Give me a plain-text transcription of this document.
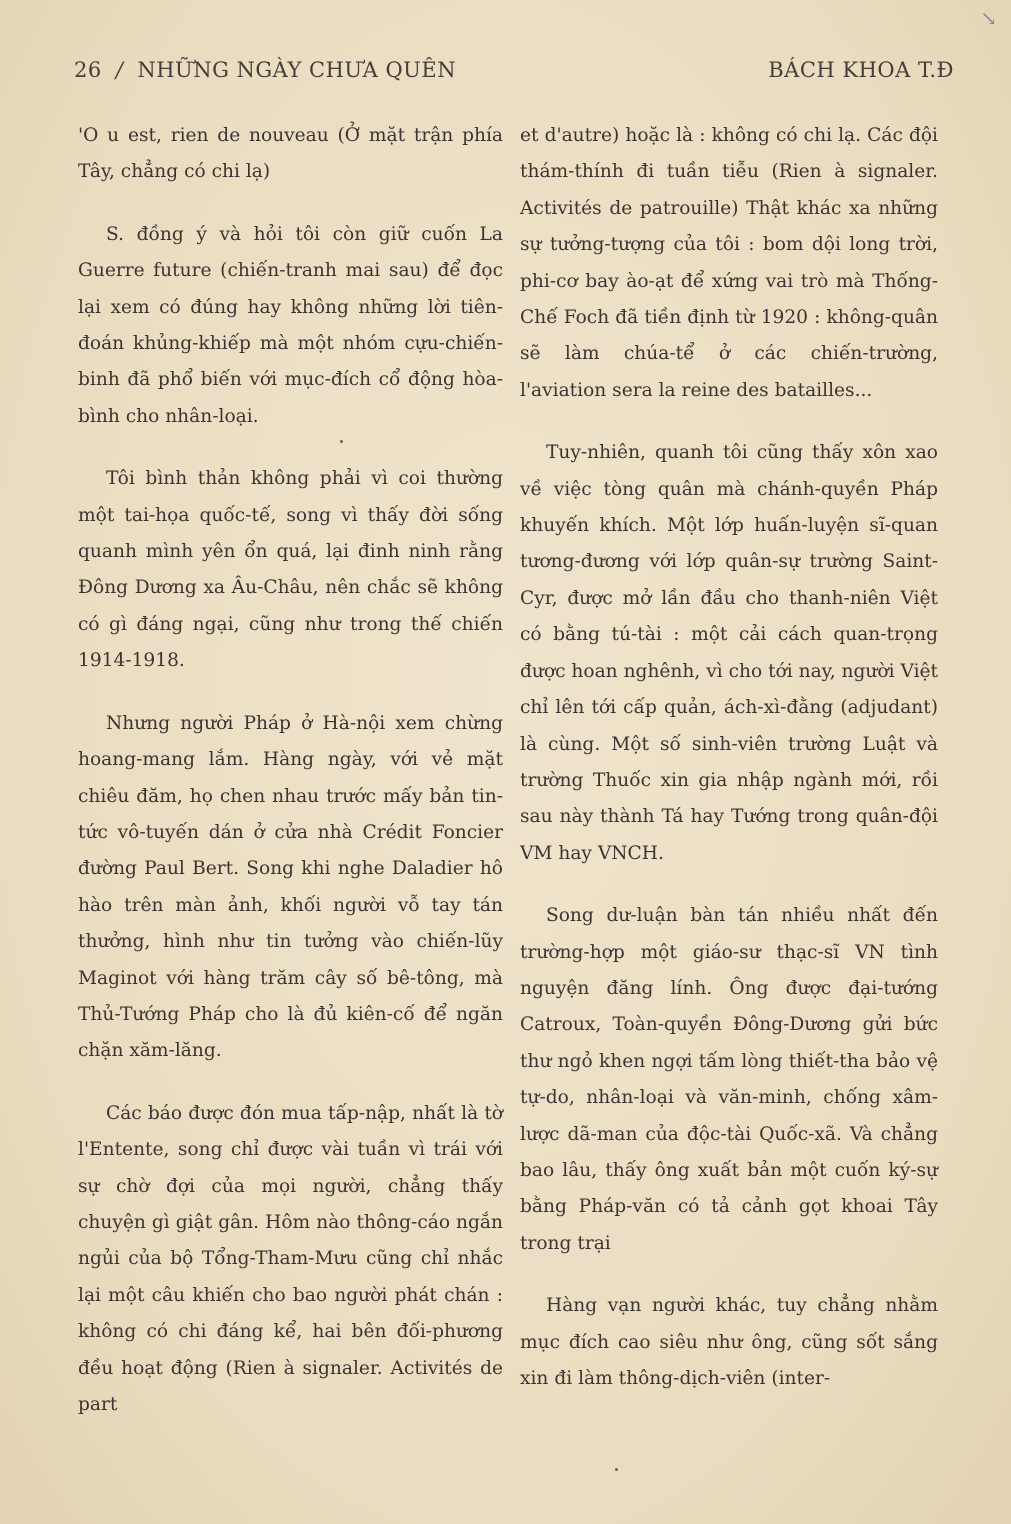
↘
26 / NHỮNG NGÀY CHƯA QUÊN	BÁCH KHOA T.Đ

'O u est, rien de nouveau (Ở mặt trận phía Tây, chẳng có chi lạ)

S. đồng ý và hỏi tôi còn giữ cuốn La Guerre future (chiến-tranh mai sau) để đọc lại xem có đúng hay không những lời tiên-đoán khủng-khiếp mà một nhóm cựu-chiến-binh đã phổ biến với mục-đích cổ động hòa-bình cho nhân-loại.

Tôi bình thản không phải vì coi thường một tai-họa quốc-tế, song vì thấy đời sống quanh mình yên ổn quá, lại đinh ninh rằng Đông Dương xa Âu-Châu, nên chắc sẽ không có gì đáng ngại, cũng như trong thế chiến 1914-1918.

Nhưng người Pháp ở Hà-nội xem chừng hoang-mang lắm. Hàng ngày, với vẻ mặt chiêu đăm, họ chen nhau trước mấy bản tin-tức vô-tuyến dán ở cửa nhà Crédit Foncier đường Paul Bert. Song khi nghe Daladier hô hào trên màn ảnh, khối người vỗ tay tán thưởng, hình như tin tưởng vào chiến-lũy Maginot với hàng trăm cây số bê-tông, mà Thủ-Tướng Pháp cho là đủ kiên-cố để ngăn chặn xăm-lăng.

Các báo được đón mua tấp-nập, nhất là tờ l'Entente, song chỉ được vài tuần vì trái với sự chờ đợi của mọi người, chẳng thấy chuyện gì giật gân. Hôm nào thông-cáo ngắn ngủi của bộ Tổng-Tham-Mưu cũng chỉ nhắc lại một câu khiến cho bao người phát chán : không có chi đáng kể, hai bên đối-phương đều hoạt động (Rien à signaler. Activités de part

et d'autre) hoặc là : không có chi lạ. Các đội thám-thính đi tuần tiễu (Rien à signaler. Activités de patrouille) Thật khác xa những sự tưởng-tượng của tôi : bom dội long trời, phi-cơ bay ào-ạt để xứng vai trò mà Thống-Chế Foch đã tiền định từ 1920 : không-quân sẽ làm chúa-tể ở các chiến-trường, l'aviation sera la reine des batailles...

Tuy-nhiên, quanh tôi cũng thấy xôn xao về việc tòng quân mà chánh-quyền Pháp khuyến khích. Một lớp huấn-luyện sĩ-quan tương-đương với lớp quân-sự trường Saint-Cyr, được mở lần đầu cho thanh-niên Việt có bằng tú-tài : một cải cách quan-trọng được hoan nghênh, vì cho tới nay, người Việt chỉ lên tới cấp quản, ách-xì-đằng (adjudant) là cùng. Một số sinh-viên trường Luật và trường Thuốc xin gia nhập ngành mới, rồi sau này thành Tá hay Tướng trong quân-đội VM hay VNCH.

Song dư-luận bàn tán nhiều nhất đến trường-hợp một giáo-sư thạc-sĩ VN tình nguyện đăng lính. Ông được đại-tướng Catroux, Toàn-quyền Đông-Dương gửi bức thư ngỏ khen ngợi tấm lòng thiết-tha bảo vệ tự-do, nhân-loại và văn-minh, chống xâm-lược dã-man của độc-tài Quốc-xã. Và chẳng bao lâu, thấy ông xuất bản một cuốn ký-sự bằng Pháp-văn có tả cảnh gọt khoai Tây trong trại

Hàng vạn người khác, tuy chẳng nhằm mục đích cao siêu như ông, cũng sốt sắng xin đi làm thông-dịch-viên (inter-
